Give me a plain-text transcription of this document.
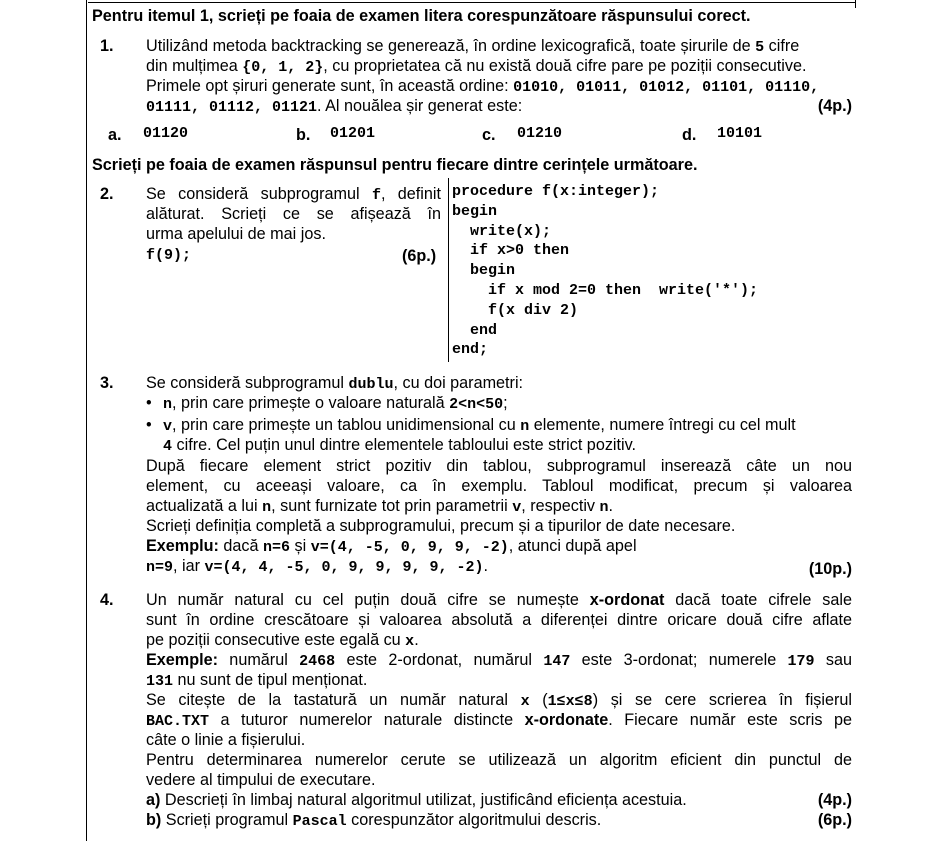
Pentru itemul 1, scrieți pe foaia de examen litera corespunzătoare răspunsului corect.
1. Utilizând metoda backtracking se generează, în ordine lexicografică, toate șirurile de 5 cifre
din mulțimea {0, 1, 2}, cu proprietatea că nu există două cifre pare pe poziții consecutive.
Primele opt șiruri generate sunt, în această ordine: 01010, 01011, 01012, 01101, 01110,
01111, 01112, 01121. Al nouălea șir generat este:	(4p.)
a. 01120	b. 01201	c. 01210	d. 10101
Scrieți pe foaia de examen răspunsul pentru fiecare dintre cerințele următoare.
2. Se consideră subprogramul f, definit
alăturat. Scrieți ce se afișează în
urma apelului de mai jos.
f(9);	(6p.)
procedure f(x:integer);
begin
write(x);
if x>0 then
begin
if x mod 2=0 then  write('*');
f(x div 2)
end
end;
3. Se consideră subprogramul dublu, cu doi parametri:
• n, prin care primește o valoare naturală 2<n<50;
• v, prin care primește un tablou unidimensional cu n elemente, numere întregi cu cel mult
4 cifre. Cel puțin unul dintre elementele tabloului este strict pozitiv.
După fiecare element strict pozitiv din tablou, subprogramul inserează câte un nou
element, cu aceeași valoare, ca în exemplu. Tabloul modificat, precum și valoarea
actualizată a lui n, sunt furnizate tot prin parametrii v, respectiv n.
Scrieți definiția completă a subprogramului, precum și a tipurilor de date necesare.
Exemplu: dacă n=6 și v=(4, -5, 0, 9, 9, -2), atunci după apel
n=9, iar v=(4, 4, -5, 0, 9, 9, 9, 9, -2).	(10p.)
4. Un număr natural cu cel puțin două cifre se numește x-ordonat dacă toate cifrele sale
sunt în ordine crescătoare și valoarea absolută a diferenței dintre oricare două cifre aflate
pe poziții consecutive este egală cu x.
Exemple: numărul 2468 este 2-ordonat, numărul 147 este 3-ordonat; numerele 179 sau
131 nu sunt de tipul menționat.
Se citește de la tastatură un număr natural x (1≤x≤8) și se cere scrierea în fișierul
BAC.TXT a tuturor numerelor naturale distincte x-ordonate. Fiecare număr este scris pe
câte o linie a fișierului.
Pentru determinarea numerelor cerute se utilizează un algoritm eficient din punctul de
vedere al timpului de executare.
a) Descrieți în limbaj natural algoritmul utilizat, justificând eficiența acestuia.
b) Scrieți programul Pascal corespunzător algoritmului descris.
(4p.)
(6p.)
